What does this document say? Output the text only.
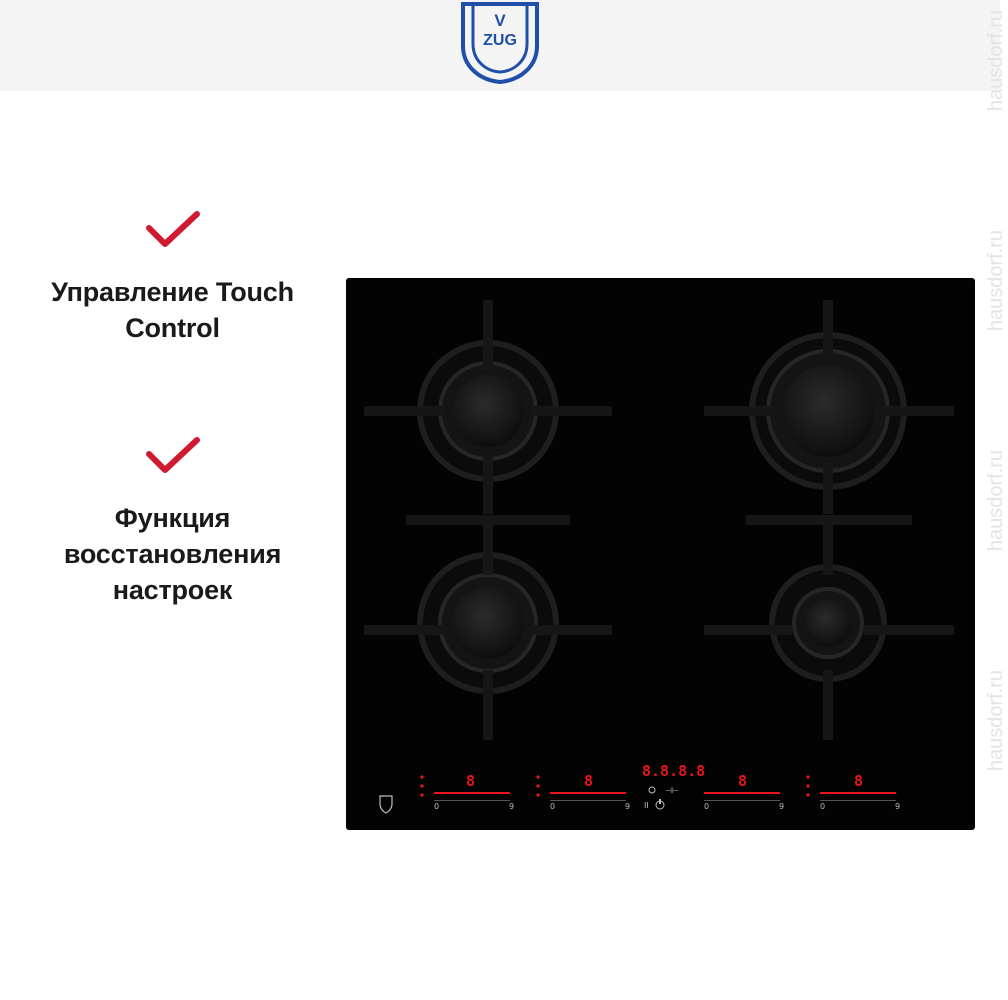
V
ZUG
Управление Touch
Control
Функция
восстановления
настроек
8
0	9
8
0	9
8.8.8.8
⊣⊢
II
8
0	9
8
0	9
hausdorf.ru
hausdorf.ru
hausdorf.ru
hausdorf.ru
